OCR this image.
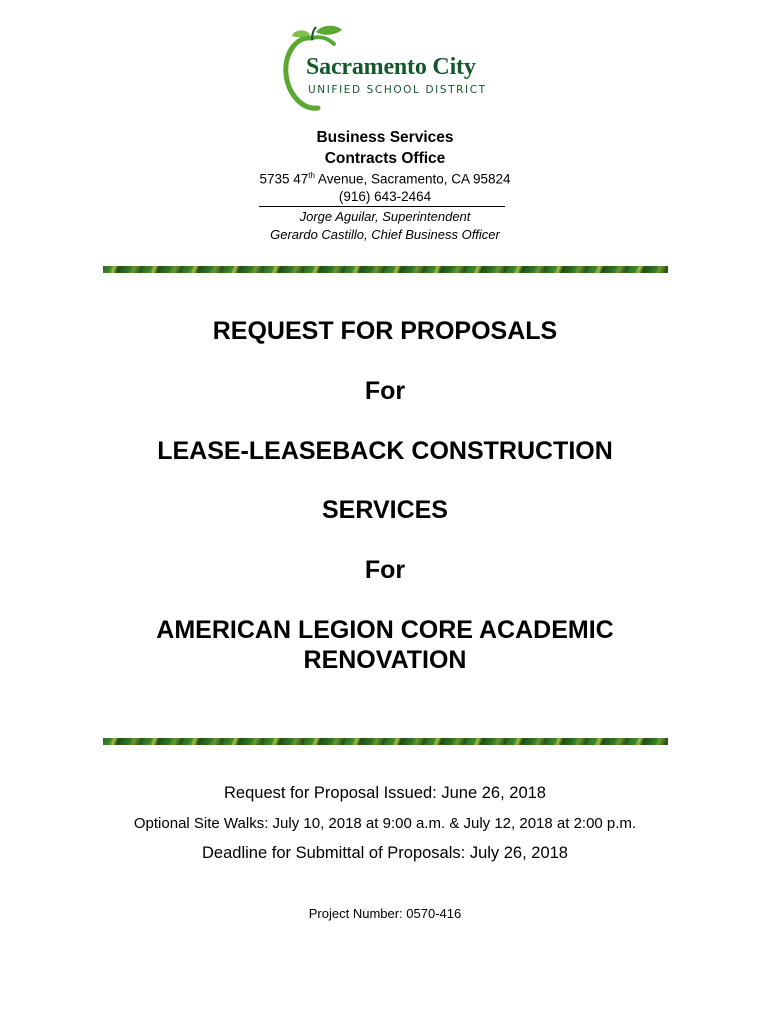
Sacramento City
UNIFIED SCHOOL DISTRICT
Business Services
Contracts Office
5735 47th Avenue, Sacramento, CA 95824
(916) 643-2464
Jorge Aguilar, Superintendent
Gerardo Castillo, Chief Business Officer
REQUEST FOR PROPOSALS
For
LEASE-LEASEBACK CONSTRUCTION
SERVICES
For
AMERICAN LEGION CORE ACADEMIC
RENOVATION
Request for Proposal Issued: June 26, 2018
Optional Site Walks: July 10, 2018 at 9:00 a.m. & July 12, 2018 at 2:00 p.m.
Deadline for Submittal of Proposals: July 26, 2018
Project Number: 0570-416
